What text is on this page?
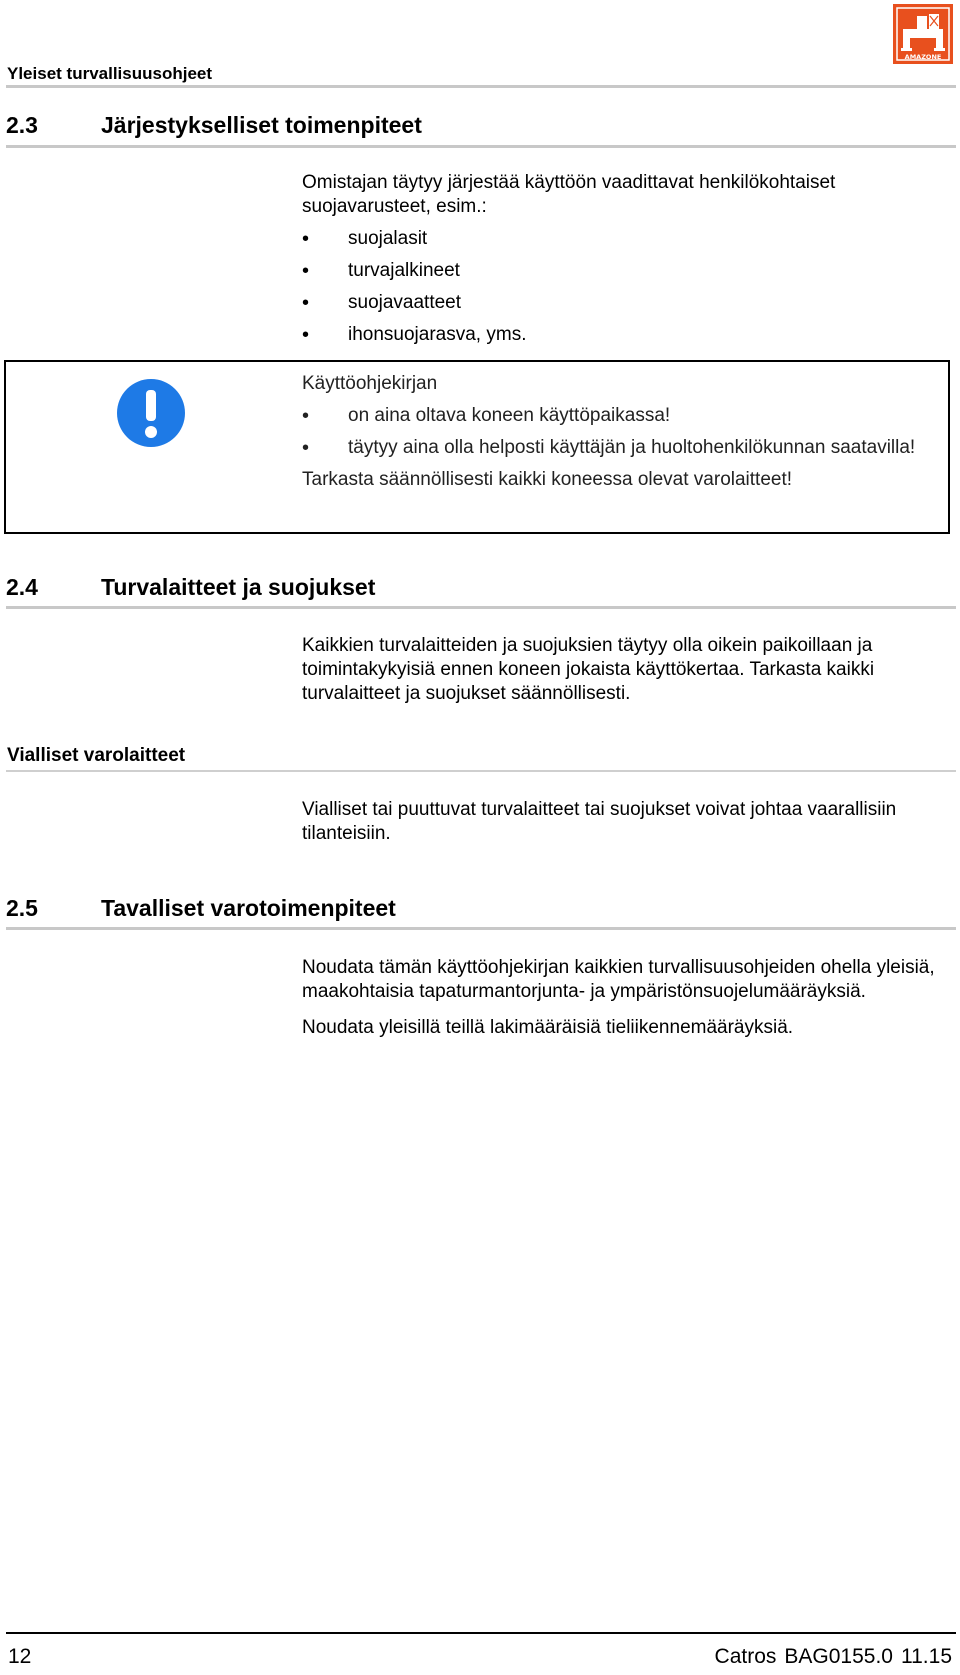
Yleiset turvallisuusohjeet
AMAZONE
2.3	Järjestykselliset toimenpiteet

Omistajan täytyy järjestää käyttöön vaadittavat henkilökohtaiset suojavarusteet, esim.:

• suojalasit
• turvajalkineet
• suojavaatteet
• ihonsuojarasva, yms.

Käyttöohjekirjan

• on aina oltava koneen käyttöpaikassa!
• täytyy aina olla helposti käyttäjän ja huoltohenkilökunnan saatavilla!

Tarkasta säännöllisesti kaikki koneessa olevat varolaitteet!

2.4	Turvalaitteet ja suojukset

Kaikkien turvalaitteiden ja suojuksien täytyy olla oikein paikoillaan ja toimintakykyisiä ennen koneen jokaista käyttökertaa. Tarkasta kaikki turvalaitteet ja suojukset säännöllisesti.

Vialliset varolaitteet

Vialliset tai puuttuvat turvalaitteet tai suojukset voivat johtaa vaarallisiin tilanteisiin.

2.5	Tavalliset varotoimenpiteet

Noudata tämän käyttöohjekirjan kaikkien turvallisuusohjeiden ohella yleisiä, maakohtaisia tapaturmantorjunta- ja ympäristönsuojelumääräyksiä.

Noudata yleisillä teillä lakimääräisiä tieliikennemääräyksiä.

12	Catros BAG0155.0 11.15
